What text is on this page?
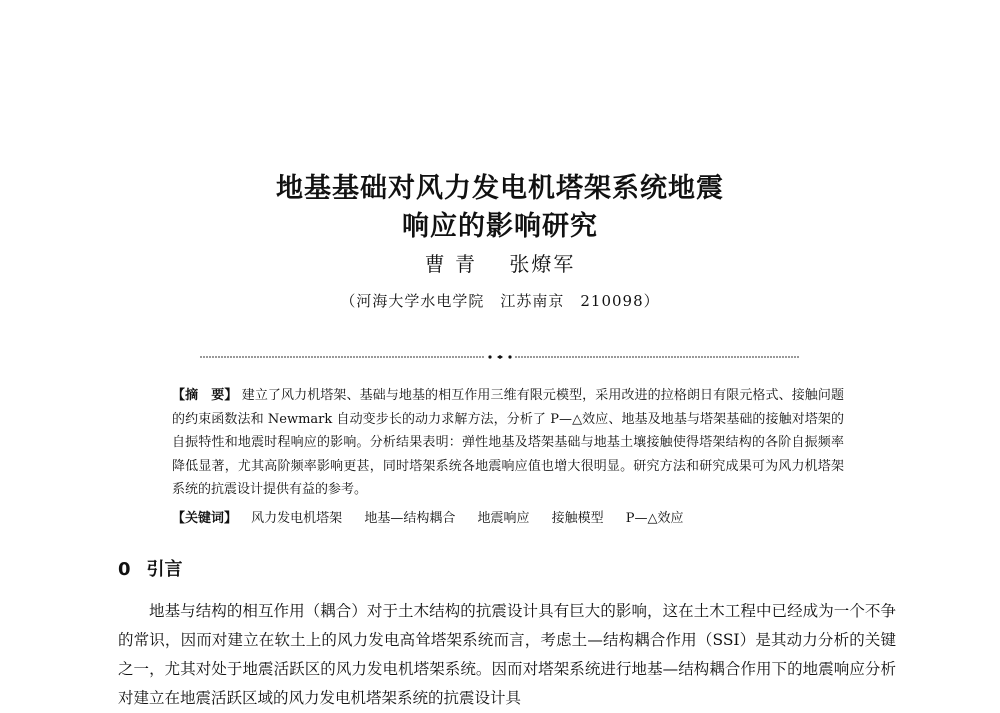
地基基础对风力发电机塔架系统地震
响应的影响研究
曹 青 张燎军
（河海大学水电学院　江苏南京　210098）
【摘　要】 建立了风力机塔架、基础与地基的相互作用三维有限元模型，采用改进的拉格朗日有限元格式、接触问题的约束函数法和 Newmark 自动变步长的动力求解方法，分析了 P—△效应、地基及地基与塔架基础的接触对塔架的自振特性和地震时程响应的影响。分析结果表明：弹性地基及塔架基础与地基土壤接触使得塔架结构的各阶自振频率降低显著，尤其高阶频率影响更甚，同时塔架系统各地震响应值也增大很明显。研究方法和研究成果可为风力机塔架系统的抗震设计提供有益的参考。
【关键词】 风力发电机塔架 地基—结构耦合 地震响应 接触模型 P—△效应
0 引言

地基与结构的相互作用（耦合）对于土木结构的抗震设计具有巨大的影响，这在土木工程中已经成为一个不争的常识，因而对建立在软土上的风力发电高耸塔架系统而言，考虑土—结构耦合作用（SSI）是其动力分析的关键之一，尤其对处于地震活跃区的风力发电机塔架系统。因而对塔架系统进行地基—结构耦合作用下的地震响应分析对建立在地震活跃区域的风力发电机塔架系统的抗震设计具
